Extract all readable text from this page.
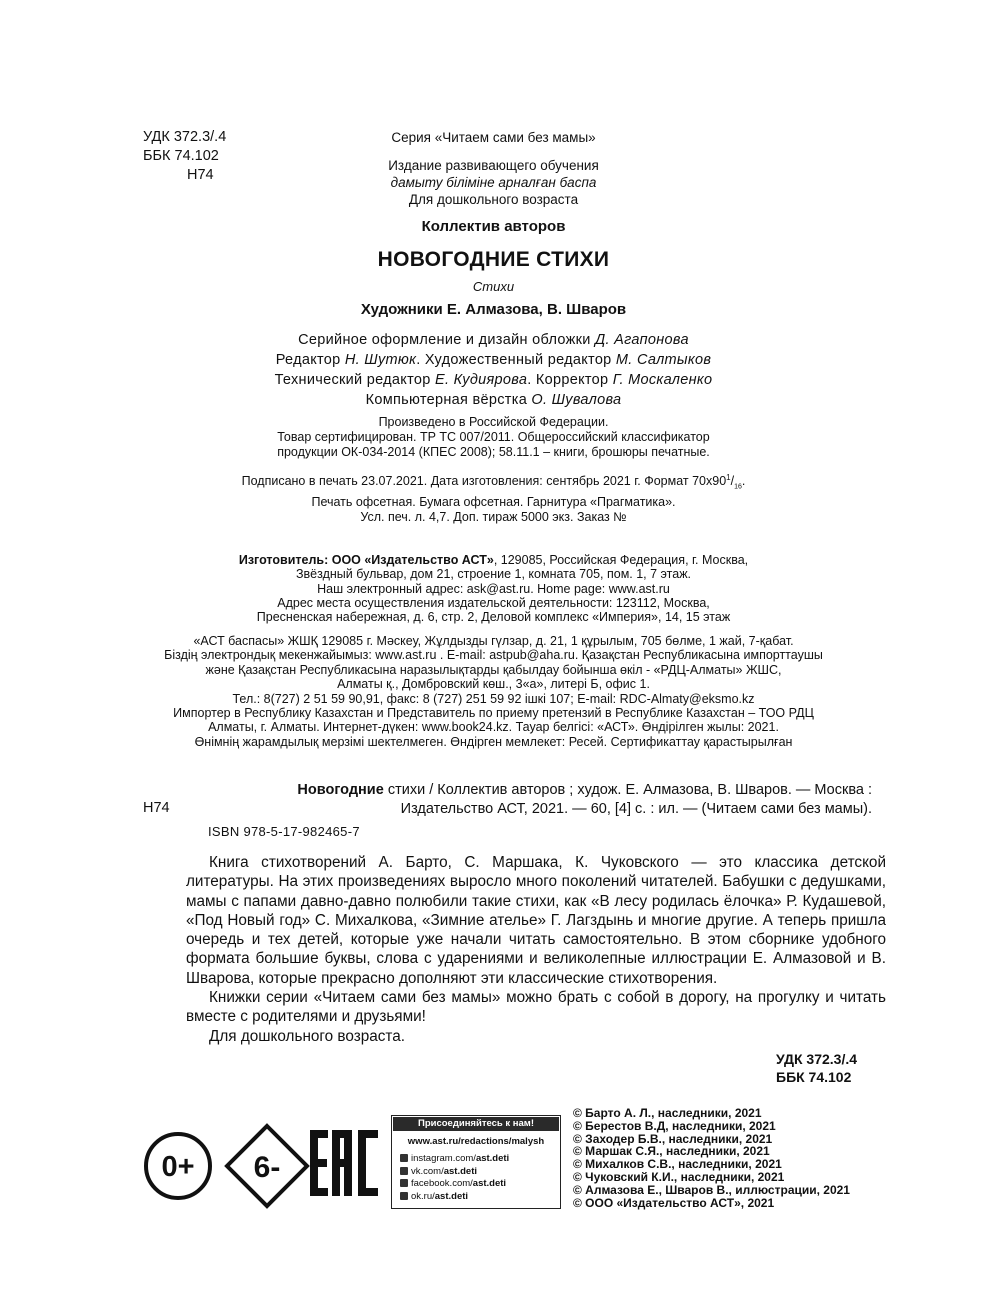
УДК 372.3/.4
ББК 74.102
Н74
Серия «Читаем сами без мамы»
Издание развивающего обучения
дамыту біліміне арналған баспа
Для дошкольного возраста
Коллектив авторов
НОВОГОДНИЕ СТИХИ
Стихи
Художники Е. Алмазова, В. Шваров
Серийное оформление и дизайн обложки Д. Агапонова
Редактор Н. Шутюк. Художественный редактор М. Салтыков
Технический редактор Е. Кудиярова. Корректор Г. Москаленко
Компьютерная вёрстка О. Шувалова
Произведено в Российской Федерации.
Товар сертифицирован. ТР ТС 007/2011. Общероссийский классификатор
продукции ОК-034-2014 (КПЕС 2008); 58.11.1 – книги, брошюры печатные.
Подписано в печать 23.07.2021. Дата изготовления: сентябрь 2021 г. Формат $70x90^1/_{16}$.
Печать офсетная. Бумага офсетная. Гарнитура «Прагматика».
Усл. печ. л. 4,7. Доп. тираж 5000 экз. Заказ №
Изготовитель: ООО «Издательство АСТ», 129085, Российская Федерация, г. Москва,
Звёздный бульвар, дом 21, строение 1, комната 705, пом. 1, 7 этаж.
Наш электронный адрес: ask@ast.ru. Home page: www.ast.ru
Адрес места осуществления издательской деятельности: 123112, Москва,
Пресненская набережная, д. 6, стр. 2, Деловой комплекс «Империя», 14, 15 этаж
«АСТ баспасы» ЖШҚ 129085 г. Мәскеу, Жұлдызды гүлзар, д. 21, 1 құрылым, 705 бөлме, 1 жай, 7-қабат.
Біздің электрондық мекенжайымыз: www.ast.ru . E-mail: astpub@aha.ru. Қазақстан Республикасына импорттаушы
және Қазақстан Республикасына наразылықтарды қабылдау бойынша өкіл - «РДЦ-Алматы» ЖШС,
Алматы қ., Домбровский көш., 3«а», литері Б, офис 1.
Тел.: 8(727) 2 51 59 90,91, факс: 8 (727) 251 59 92 ішкі 107; E-mail: RDC-Almaty@eksmo.kz
Импортер в Республику Казахстан и Представитель по приему претензий в Республике Казахстан – ТОО РДЦ
Алматы, г. Алматы. Интернет-дүкен: www.book24.kz. Тауар белгісі: «АСТ». Өндірілген жылы: 2021.
Өнімнің жарамдылық мерзімі шектелмеген. Өндірген мемлекет: Ресей. Сертификаттау қарастырылған
Новогодние стихи / Коллектив авторов ; худож. Е. Алмазова, В. Шваров. — Москва :
Издательство АСТ, 2021. — 60, [4] с. : ил. — (Читаем сами без мамы).
Н74
ISBN 978-5-17-982465-7

Книга стихотворений А. Барто, С. Маршака, К. Чуковского — это классика детской литературы. На этих произведениях выросло много поколений читателей. Бабушки с дедушками, мамы с папами давно-давно полюбили такие стихи, как «В лесу родилась ёлочка» Р. Кудашевой, «Под Новый год» С. Михалкова, «Зимние ателье» Г. Лагздынь и многие другие. А теперь пришла очередь и тех детей, которые уже начали читать самостоятельно. В этом сборнике удобного формата большие буквы, слова с ударениями и великолепные иллюстрации Е. Алмазовой и В. Шварова, которые прекрасно дополняют эти классические стихотворения.

Книжки серии «Читаем сами без мамы» можно брать с собой в дорогу, на прогулку и читать вместе с родителями и друзьями!

Для дошкольного возраста.

УДК 372.3/.4
ББК 74.102
0+ 6-
Присоединяйтесь к нам!
www.ast.ru/redactions/malysh
instagram.com/ast.deti
vk.com/ast.deti
facebook.com/ast.deti
ok.ru/ast.deti
© Барто А. Л., наследники, 2021
© Берестов В.Д, наследники, 2021
© Заходер Б.В., наследники, 2021
© Маршак С.Я., наследники, 2021
© Михалков С.В., наследники, 2021
© Чуковский К.И., наследники, 2021
© Алмазова Е., Шваров В., иллюстрации, 2021
© ООО «Издательство АСТ», 2021
